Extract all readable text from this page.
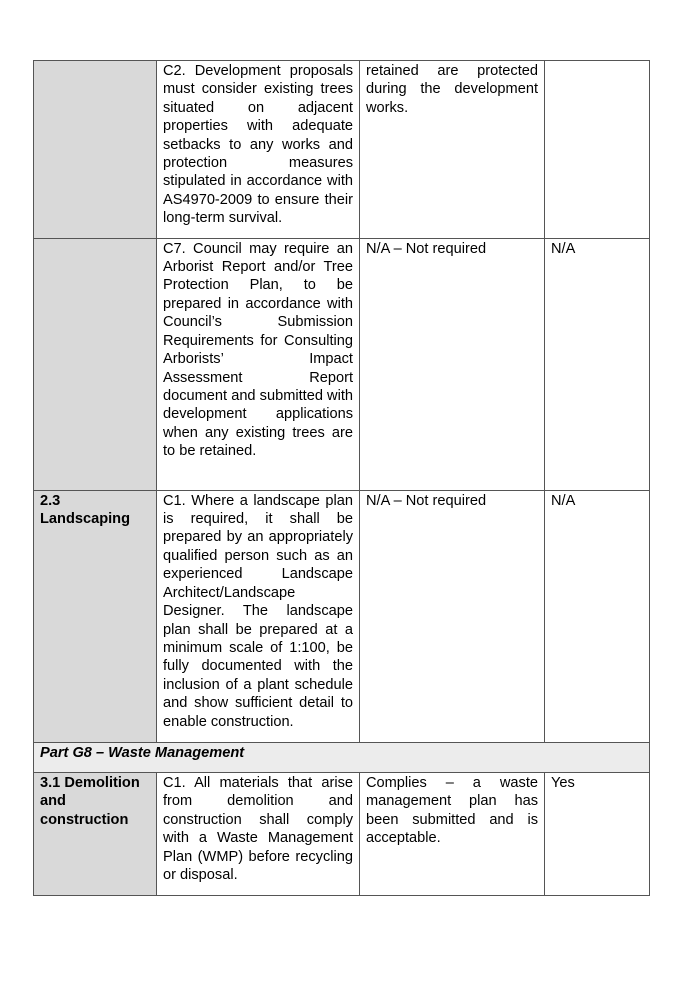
	C2. Development proposals must consider existing trees situated on adjacent properties with adequate setbacks to any works and protection measures stipulated in accordance with AS4970-2009 to ensure their long-term survival.	retained are protected during the development works.	
	C7. Council may require an Arborist Report and/or Tree Protection Plan, to be prepared in accordance with Council’s Submission Requirements for Consulting Arborists’ Impact Assessment Report document and submitted with development applications when any existing trees are to be retained.	N/A – Not required	N/A
2.3 Landscaping	C1. Where a landscape plan is required, it shall be prepared by an appropriately qualified person such as an experienced Landscape Architect/Landscape Designer. The landscape plan shall be prepared at a minimum scale of 1:100, be fully documented with the inclusion of a plant schedule and show sufficient detail to enable construction.	N/A – Not required	N/A
Part G8 – Waste Management			
3.1 Demolition and construction	C1. All materials that arise from demolition and construction shall comply with a Waste Management Plan (WMP) before recycling or disposal.	Complies – a waste management plan has been submitted and is acceptable.	Yes
